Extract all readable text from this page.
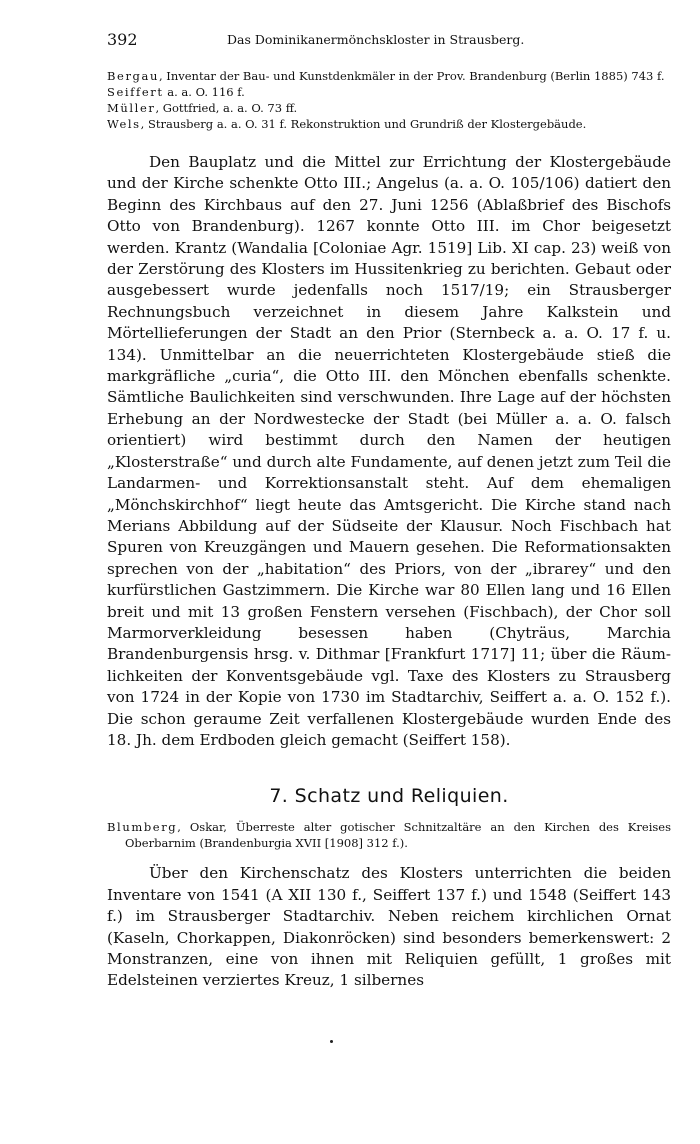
392	Das Dominikanermönchskloster in Strausberg.
Bergau, Inventar der Bau- und Kunstdenkmäler in der Prov. Brandenburg (Berlin 1885) 743 f.
Seiffert a. a. O. 116 f.
Müller, Gottfried, a. a. O. 73 ff.
Wels, Strausberg a. a. O. 31 f. Rekonstruktion und Grundriß der Klostergebäude.

Den Bauplatz und die Mittel zur Errichtung der Klostergebäude und der Kirche schenkte Otto III.; Angelus (a. a. O. 105/106) datiert den Beginn des Kirchbaus auf den 27. Juni 1256 (Ablaßbrief des Bischofs Otto von Brandenburg). 1267 konnte Otto III. im Chor beigesetzt werden. Krantz (Wandalia [Coloniae Agr. 1519] Lib. XI cap. 23) weiß von der Zerstörung des Klosters im Hussitenkrieg zu berichten. Gebaut oder ausgebessert wurde jedenfalls noch 1517/19; ein Strausberger Rechnungsbuch verzeichnet in diesem Jahre Kalkstein und Mörtellieferungen der Stadt an den Prior (Sternbeck a. a. O. 17 f. u. 134). Unmittelbar an die neuerrichteten Klostergebäude stieß die markgräfliche „curia“, die Otto III. den Mönchen ebenfalls schenkte. Sämtliche Baulichkeiten sind verschwunden. Ihre Lage auf der höchsten Erhebung an der Nordwestecke der Stadt (bei Müller a. a. O. falsch orientiert) wird bestimmt durch den Namen der heutigen „Klosterstraße“ und durch alte Fundamente, auf denen jetzt zum Teil die Landarmen- und Korrektionsanstalt steht. Auf dem ehemaligen „Mönchskirchhof“ liegt heute das Amtsgericht. Die Kirche stand nach Merians Abbildung auf der Südseite der Klausur. Noch Fischbach hat Spuren von Kreuzgängen und Mauern gesehen. Die Reformationsakten sprechen von der „habitation“ des Priors, von der „ibrarey“ und den kurfürstlichen Gastzimmern. Die Kirche war 80 Ellen lang und 16 Ellen breit und mit 13 großen Fenstern versehen (Fischbach), der Chor soll Marmorverkleidung besessen haben (Chyträus, Marchia Brandenburgensis hrsg. v. Dithmar [Frankfurt 1717] 11; über die Räumlichkeiten der Konventsgebäude vgl. Taxe des Klosters zu Strausberg von 1724 in der Kopie von 1730 im Stadtarchiv, Seiffert a. a. O. 152 f.). Die schon geraume Zeit verfallenen Klostergebäude wurden Ende des 18. Jh. dem Erdboden gleich gemacht (Seiffert 158).

7. Schatz und Reliquien.
Blumberg, Oskar, Überreste alter gotischer Schnitzaltäre an den Kirchen des Kreises Oberbarnim (Brandenburgia XVII [1908] 312 f.).

Über den Kirchenschatz des Klosters unterrichten die beiden Inventare von 1541 (A XII 130 f., Seiffert 137 f.) und 1548 (Seiffert 143 f.) im Strausberger Stadtarchiv. Neben reichem kirchlichen Ornat (Kaseln, Chorkappen, Diakonröcken) sind besonders bemerkenswert: 2 Monstranzen, eine von ihnen mit Reliquien gefüllt, 1 großes mit Edelsteinen verziertes Kreuz, 1 silbernes
